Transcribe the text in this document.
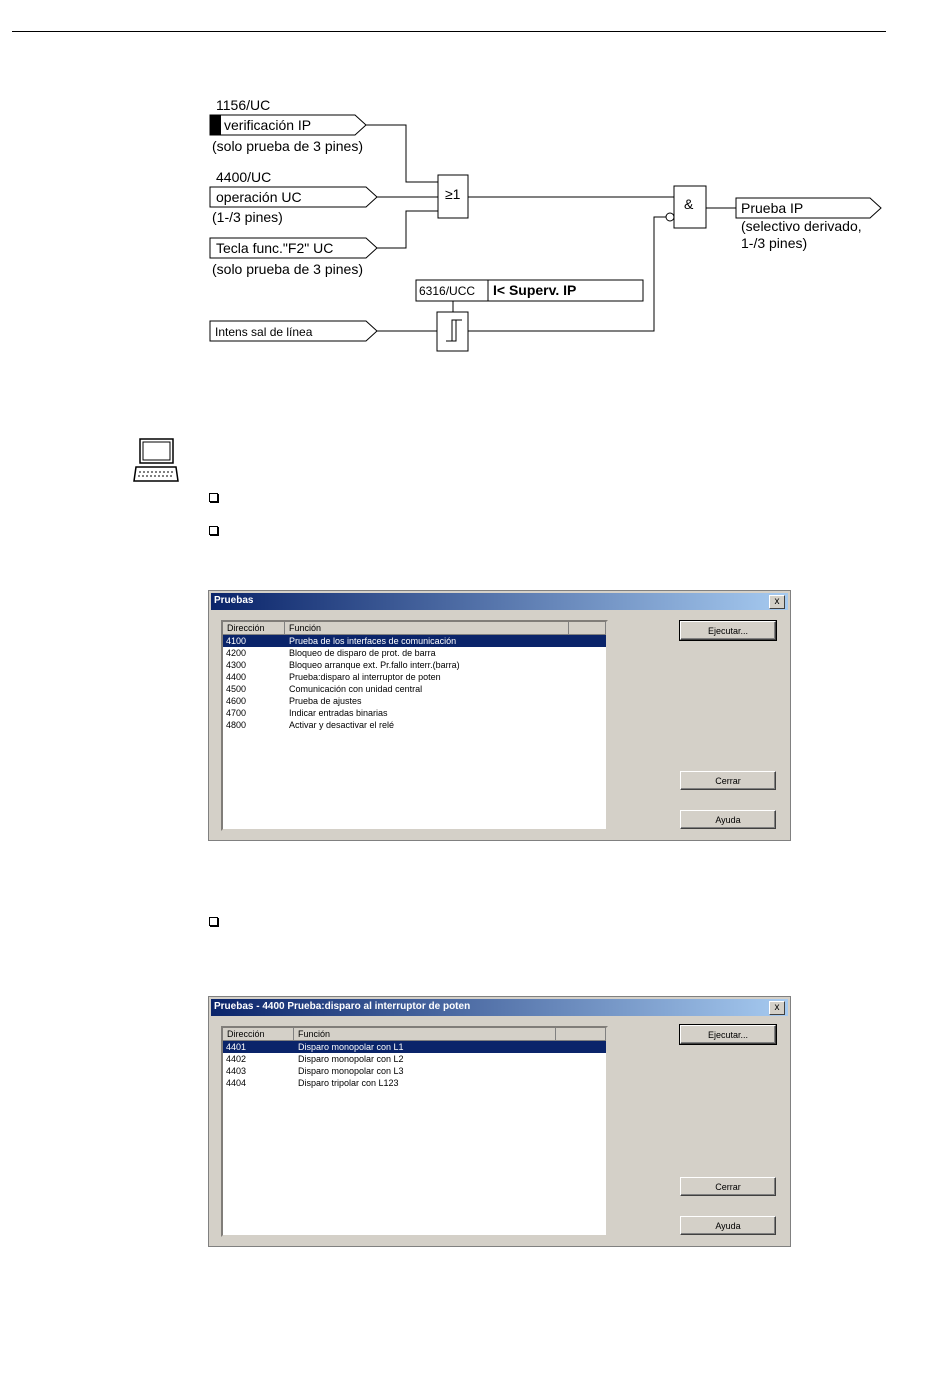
1156/UC
verificación IP
(solo prueba de 3 pines)
4400/UC
operación UC
(1-/3 pines)
Tecla func."F2" UC
(solo prueba de 3 pines)
Intens sal de línea
≥1
&
6316/UCC I< Superv. IP
Prueba IP
(selectivo derivado,
1-/3 pines)
Pruebas	x
Dirección	Función
4100	Prueba de los interfaces de comunicación
4200	Bloqueo de disparo de prot. de barra
4300	Bloqueo arranque ext. Pr.fallo interr.(barra)
4400	Prueba:disparo al interruptor de poten
4500	Comunicación con unidad central
4600	Prueba de ajustes
4700	Indicar entradas binarias
4800	Activar y desactivar el relé
Ejecutar...
Cerrar
Ayuda
Pruebas - 4400 Prueba:disparo al interruptor de poten	x
Dirección	Función
4401	Disparo monopolar con L1
4402	Disparo monopolar con L2
4403	Disparo monopolar con L3
4404	Disparo tripolar con L123
Ejecutar...
Cerrar
Ayuda
